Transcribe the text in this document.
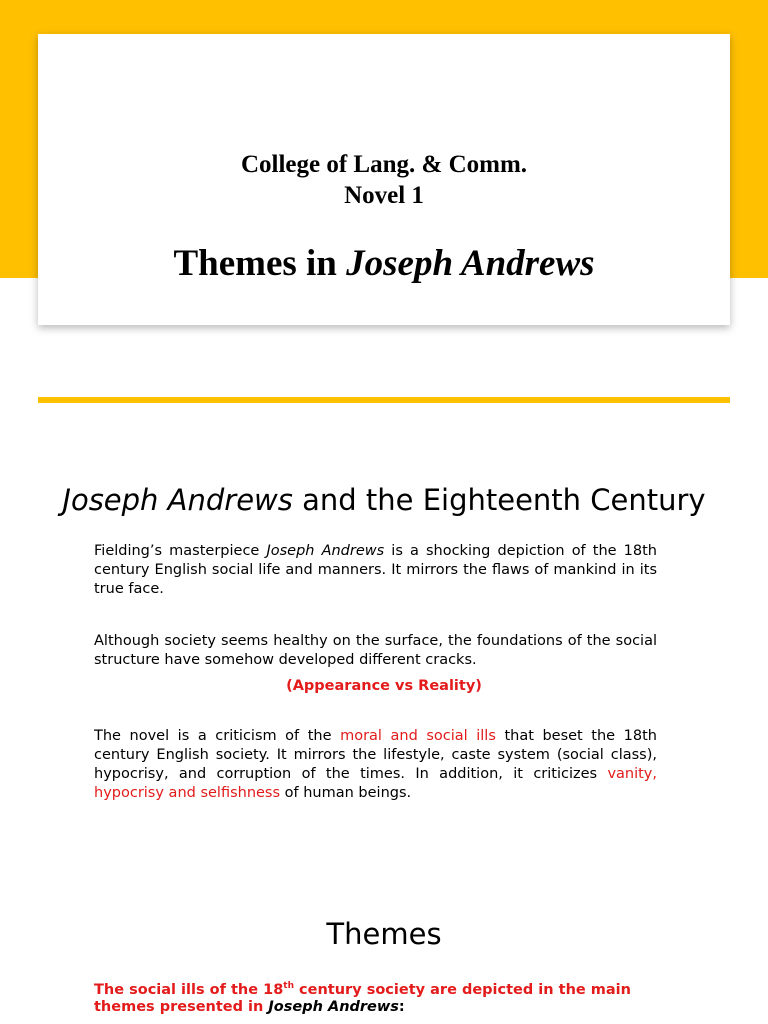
College of Lang. & Comm.
Novel 1
Themes in Joseph Andrews
Joseph Andrews and the Eighteenth Century
Fielding’s masterpiece Joseph Andrews is a shocking depiction of the 18th century English social life and manners. It mirrors the flaws of mankind in its true face.
Although society seems healthy on the surface, the foundations of the social structure have somehow developed different cracks.
(Appearance vs Reality)
The novel is a criticism of the moral and social ills that beset the 18th century English society. It mirrors the lifestyle, caste system (social class), hypocrisy, and corruption of the times. In addition, it criticizes vanity, hypocrisy and selfishness of human beings.
Themes
The social ills of the 18th century society are depicted in the main themes presented in Joseph Andrews:
